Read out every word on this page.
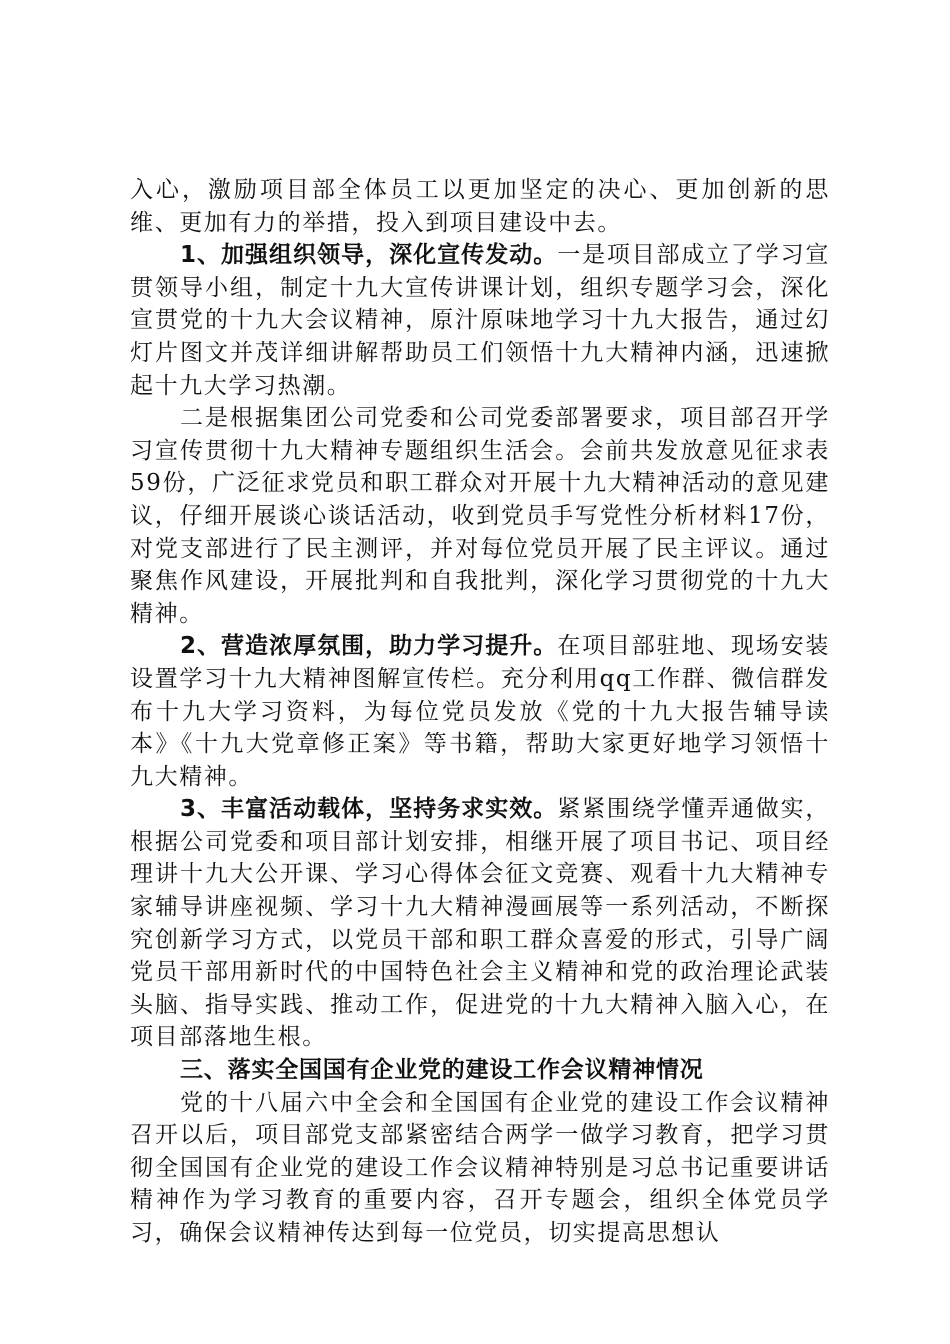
入心，激励项目部全体员工以更加坚定的决心、更加创新的思维、更加有力的举措，投入到项目建设中去。

1、加强组织领导，深化宣传发动。一是项目部成立了学习宣贯领导小组，制定十九大宣传讲课计划，组织专题学习会，深化宣贯党的十九大会议精神，原汁原味地学习十九大报告，通过幻灯片图文并茂详细讲解帮助员工们领悟十九大精神内涵，迅速掀起十九大学习热潮。

二是根据集团公司党委和公司党委部署要求，项目部召开学习宣传贯彻十九大精神专题组织生活会。会前共发放意见征求表59份，广泛征求党员和职工群众对开展十九大精神活动的意见建议，仔细开展谈心谈话活动，收到党员手写党性分析材料17份，对党支部进行了民主测评，并对每位党员开展了民主评议。通过聚焦作风建设，开展批判和自我批判，深化学习贯彻党的十九大精神。

2、营造浓厚氛围，助力学习提升。在项目部驻地、现场安装设置学习十九大精神图解宣传栏。充分利用qq工作群、微信群发布十九大学习资料，为每位党员发放《党的十九大报告辅导读本》《十九大党章修正案》等书籍，帮助大家更好地学习领悟十九大精神。

3、丰富活动载体，坚持务求实效。紧紧围绕学懂弄通做实，根据公司党委和项目部计划安排，相继开展了项目书记、项目经理讲十九大公开课、学习心得体会征文竞赛、观看十九大精神专家辅导讲座视频、学习十九大精神漫画展等一系列活动，不断探究创新学习方式，以党员干部和职工群众喜爱的形式，引导广阔党员干部用新时代的中国特色社会主义精神和党的政治理论武装头脑、指导实践、推动工作，促进党的十九大精神入脑入心，在项目部落地生根。

三、落实全国国有企业党的建设工作会议精神情况

党的十八届六中全会和全国国有企业党的建设工作会议精神召开以后，项目部党支部紧密结合两学一做学习教育，把学习贯彻全国国有企业党的建设工作会议精神特别是习总书记重要讲话精神作为学习教育的重要内容，召开专题会，组织全体党员学习，确保会议精神传达到每一位党员，切实提高思想认
